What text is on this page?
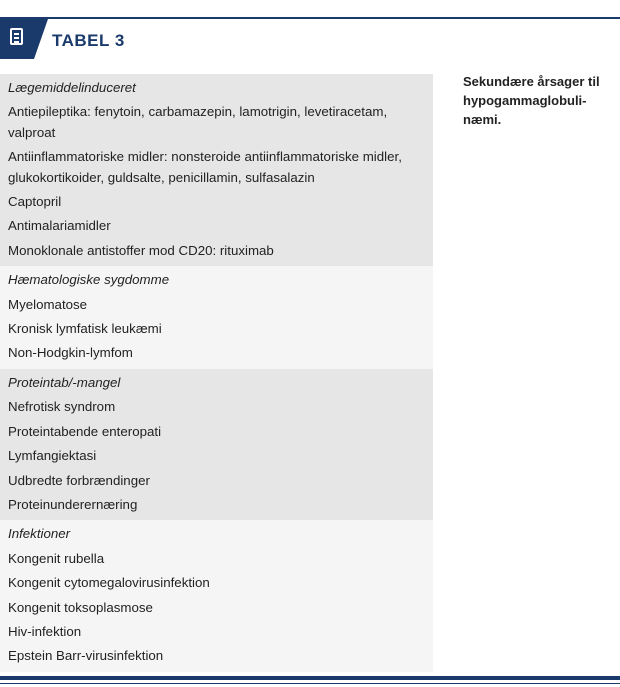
TABEL 3
Lægemiddelinduceret
Antiepileptika: fenytoin, carbamazepin, lamotrigin, levetiracetam, valproat
Antiinflammatoriske midler: nonsteroide antiinflammatoriske midler, glukokortikoider, guldsalte, penicillamin, sulfasalazin
Captopril
Antimalariamidler
Monoklonale antistoffer mod CD20: rituximab
Hæmatologiske sygdomme
Myelomatose
Kronisk lymfatisk leukæmi
Non-Hodgkin-lymfom
Proteintab/-mangel
Nefrotisk syndrom
Proteintabende enteropati
Lymfangiektasi
Udbredte forbrændinger
Proteinunderernæring
Infektioner
Kongenit rubella
Kongenit cytomegalovirusinfektion
Kongenit toksoplasmose
Hiv-infektion
Epstein Barr-virusinfektion
Sekundære årsager til hypogammaglobuli-næmi.
